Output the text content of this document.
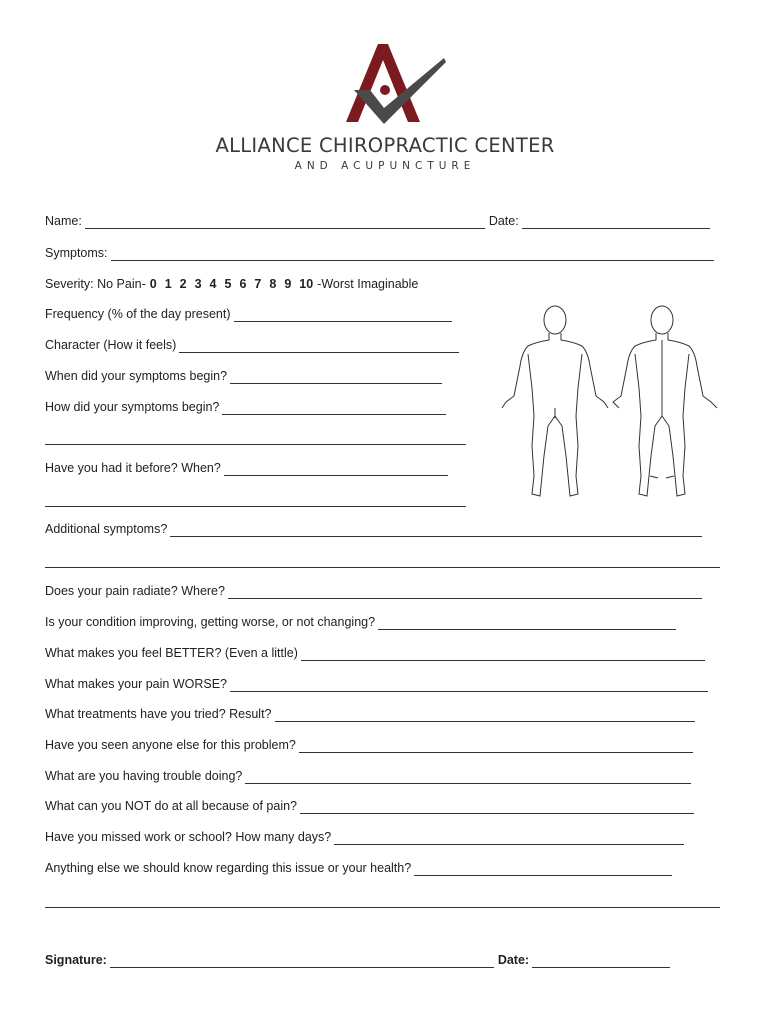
ALLIANCE CHIROPRACTIC CENTER
AND ACUPUNCTURE
Name:	Date:
Symptoms:
Severity: No Pain- 0 1 2 3 4 5 6 7 8 9 10 -Worst Imaginable
Frequency (% of the day present)
Character (How it feels)
When did your symptoms begin?
How did your symptoms begin?
Have you had it before? When?
Additional symptoms?
Does your pain radiate? Where?
Is your condition improving, getting worse, or not changing?
What makes you feel BETTER? (Even a little)
What makes your pain WORSE?
What treatments have you tried? Result?
Have you seen anyone else for this problem?
What are you having trouble doing?
What can you NOT do at all because of pain?
Have you missed work or school? How many days?
Anything else we should know regarding this issue or your health?
Signature:	Date:
